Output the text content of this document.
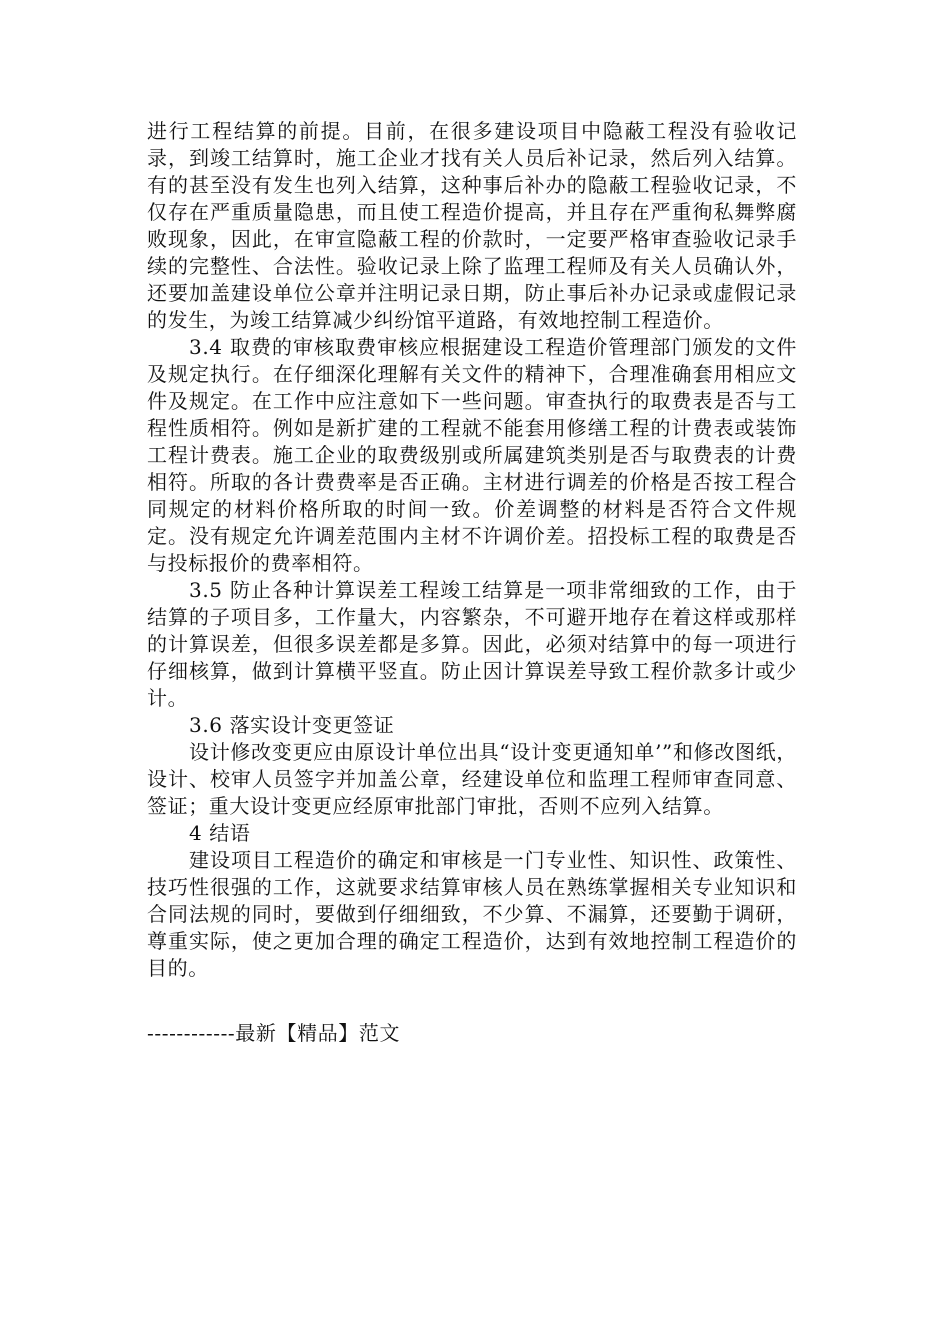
进行工程结算的前提。目前，在很多建设项目中隐蔽工程没有验收记录，到竣工结算时，施工企业才找有关人员后补记录，然后列入结算。有的甚至没有发生也列入结算，这种事后补办的隐蔽工程验收记录，不仅存在严重质量隐患，而且使工程造价提高，并且存在严重徇私舞弊腐败现象，因此，在审宣隐蔽工程的价款时，一定要严格审查验收记录手续的完整性、合法性。验收记录上除了监理工程师及有关人员确认外，还要加盖建设单位公章并注明记录日期，防止事后补办记录或虚假记录的发生，为竣工结算减少纠纷馆平道路，有效地控制工程造价。

3.4 取费的审核取费审核应根据建设工程造价管理部门颁发的文件及规定执行。在仔细深化理解有关文件的精神下，合理准确套用相应文件及规定。在工作中应注意如下一些问题。审查执行的取费表是否与工程性质相符。例如是新扩建的工程就不能套用修缮工程的计费表或装饰工程计费表。施工企业的取费级别或所属建筑类别是否与取费表的计费相符。所取的各计费费率是否正确。主材进行调差的价格是否按工程合同规定的材料价格所取的时间一致。价差调整的材料是否符合文件规定。没有规定允许调差范围内主材不许调价差。招投标工程的取费是否与投标报价的费率相符。

3.5 防止各种计算误差工程竣工结算是一项非常细致的工作，由于结算的子项目多，工作量大，内容繁杂，不可避开地存在着这样或那样的计算误差，但很多误差都是多算。因此，必须对结算中的每一项进行仔细核算，做到计算横平竖直。防止因计算误差导致工程价款多计或少计。

3.6 落实设计变更签证

设计修改变更应由原设计单位出具“设计变更通知单’”和修改图纸，设计、校审人员签字并加盖公章，经建设单位和监理工程师审查同意、签证；重大设计变更应经原审批部门审批，否则不应列入结算。

4 结语

建设项目工程造价的确定和审核是一门专业性、知识性、政策性、技巧性很强的工作，这就要求结算审核人员在熟练掌握相关专业知识和合同法规的同时，要做到仔细细致，不少算、不漏算，还要勤于调研，尊重实际，使之更加合理的确定工程造价，达到有效地控制工程造价的目的。

------------最新【精品】范文
